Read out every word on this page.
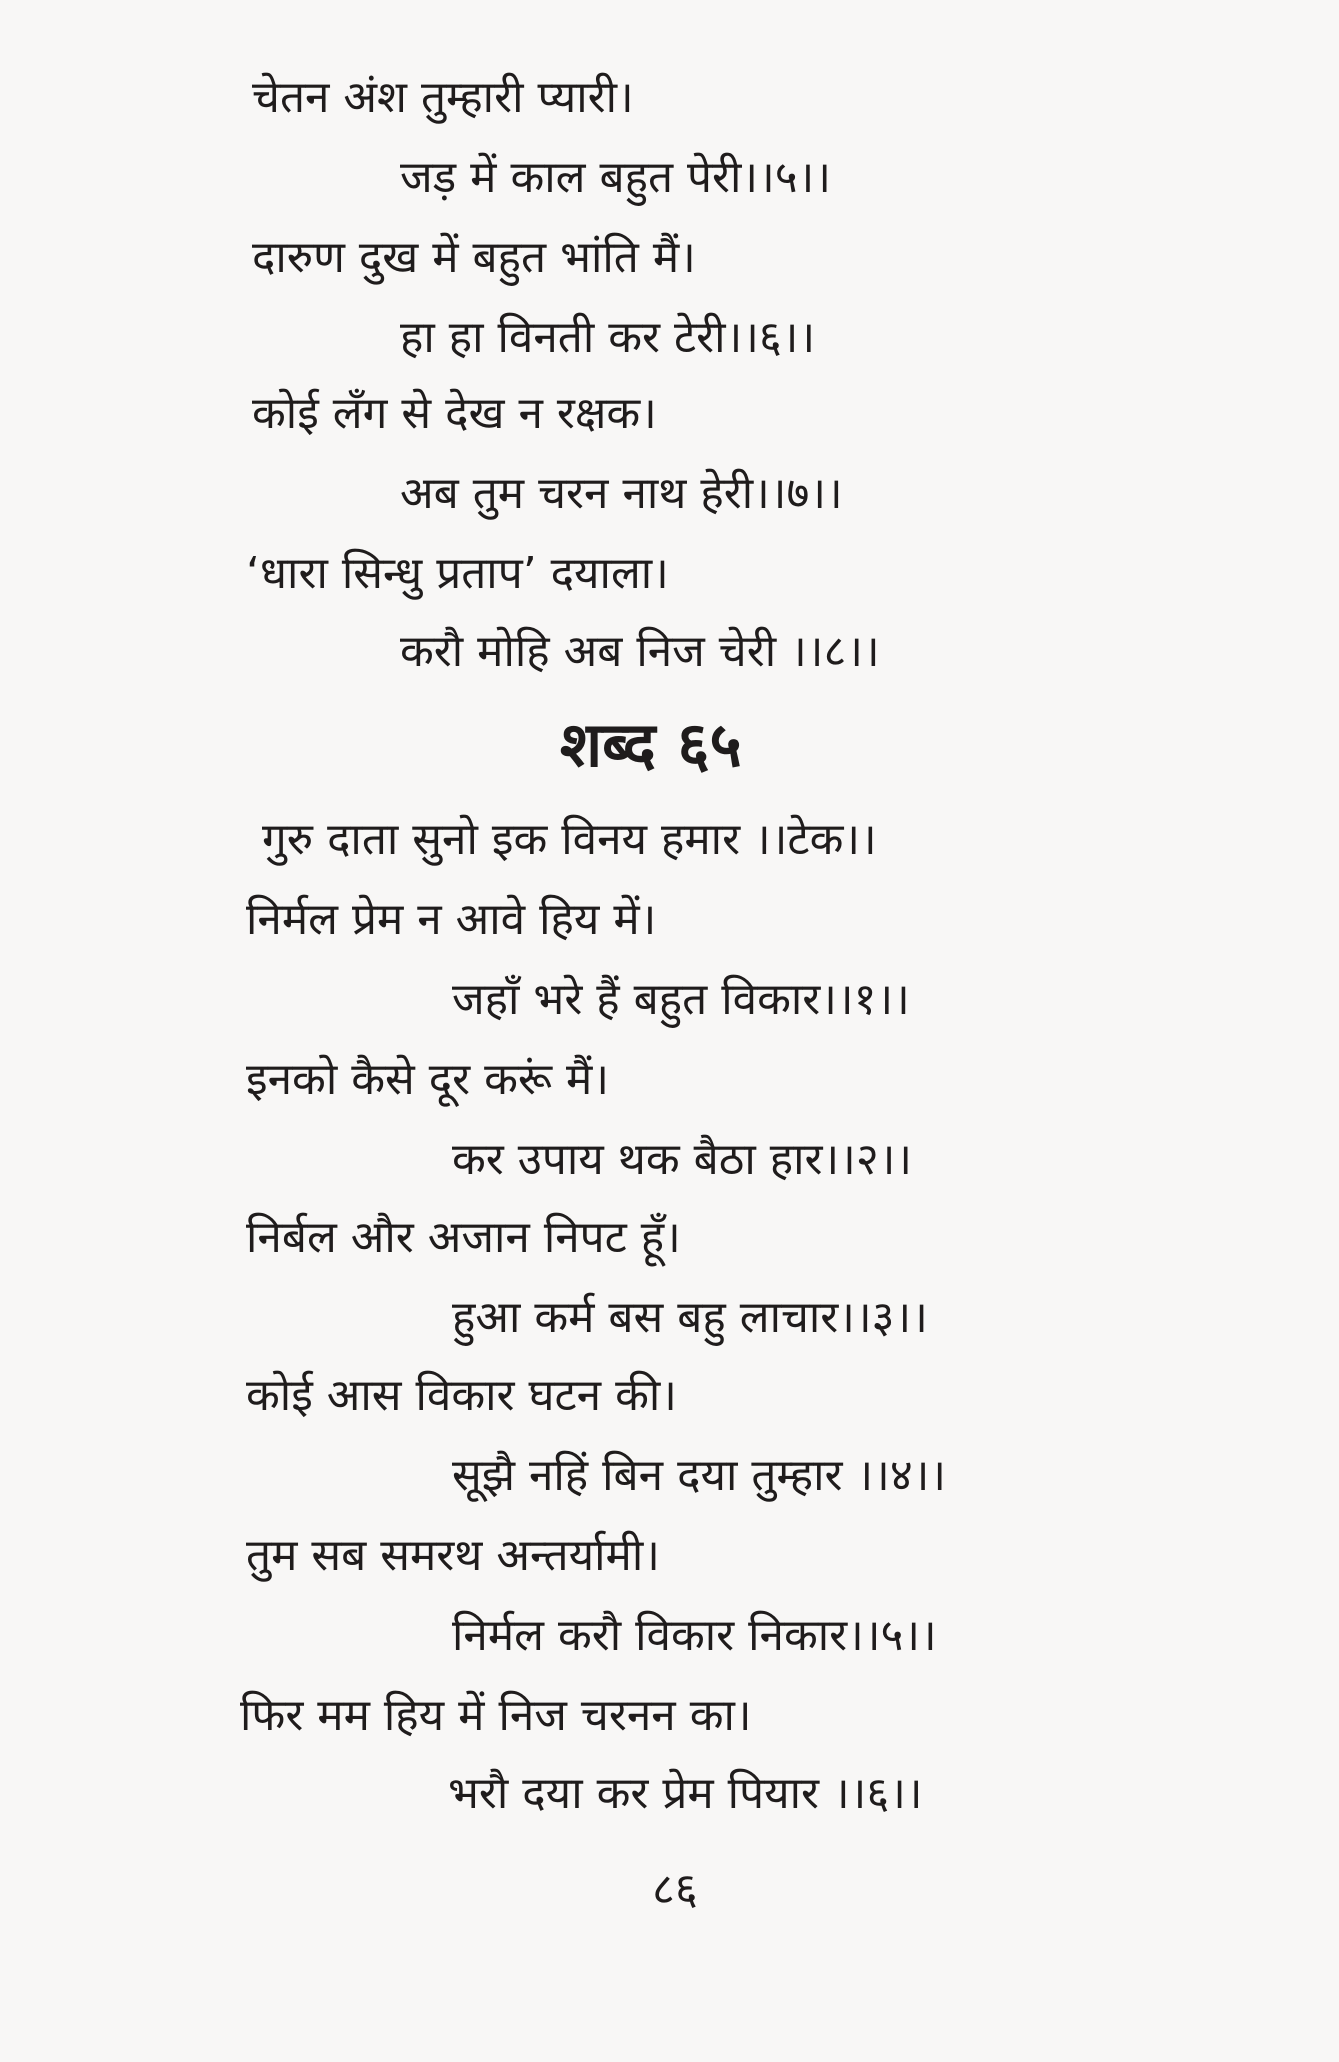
चेतन अंश तुम्हारी प्यारी।
जड़ में काल बहुत पेरी।।५।।
दारुण दुख में बहुत भांति मैं।
हा हा विनती कर टेरी।।६।।
कोई लँग से देख न रक्षक।
अब तुम चरन नाथ हेरी।।७।।
‘धारा सिन्धु प्रताप’ दयाला।
करौ मोहि अब निज चेरी ।।८।।
शब्द ६५
गुरु दाता सुनो इक विनय हमार ।।टेक।।
निर्मल प्रेम न आवे हिय में।
जहाँ भरे हैं बहुत विकार।।१।।
इनको कैसे दूर करूं मैं।
कर उपाय थक बैठा हार।।२।।
निर्बल और अजान निपट हूँ।
हुआ कर्म बस बहु लाचार।।३।।
कोई आस विकार घटन की।
सूझै नहिं बिन दया तुम्हार ।।४।।
तुम सब समरथ अन्तर्यामी।
निर्मल करौ विकार निकार।।५।।
फिर मम हिय में निज चरनन का।
भरौ दया कर प्रेम पियार ।।६।।
८६
